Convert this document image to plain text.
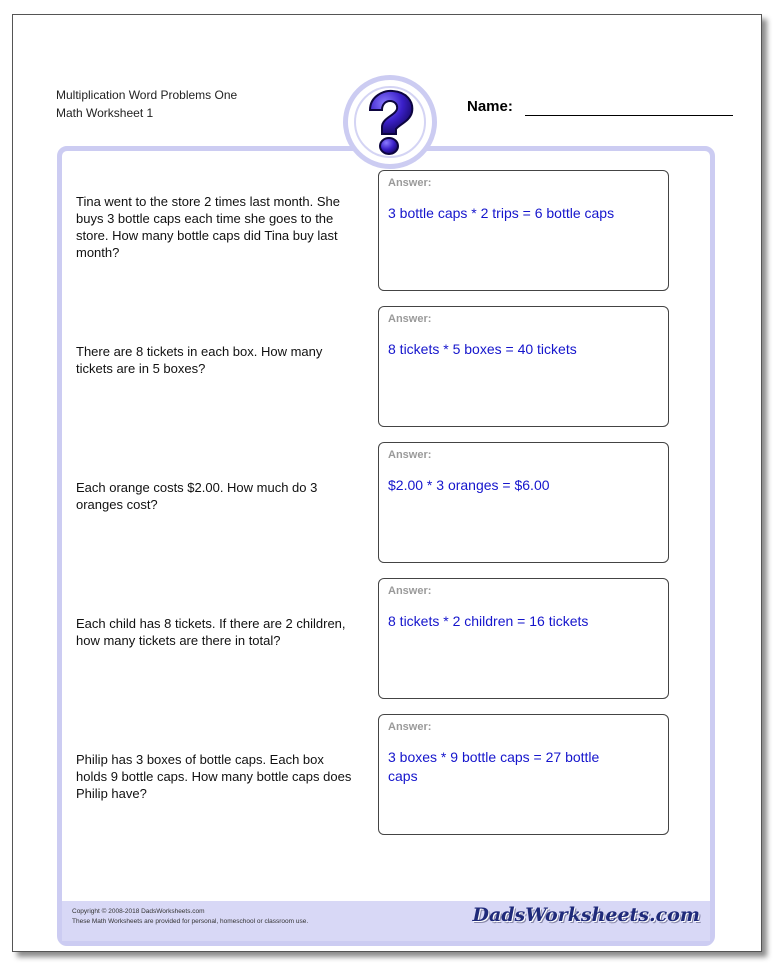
Multiplication Word Problems One
Math Worksheet 1	Name:
Copyright © 2008-2018 DadsWorksheets.com
These Math Worksheets are provided for personal, homeschool or classroom use.	DadsWorksheets.com
Tina went to the store 2 times last month. She buys 3 bottle caps each time she goes to the store. How many bottle caps did Tina buy last month?
Answer:
3 bottle caps * 2 trips = 6 bottle caps
There are 8 tickets in each box. How many tickets are in 5 boxes?
Answer:
8 tickets * 5 boxes = 40 tickets
Each orange costs $2.00. How much do 3 oranges cost?
Answer:
$2.00 * 3 oranges = $6.00
Each child has 8 tickets. If there are 2 children, how many tickets are there in total?
Answer:
8 tickets * 2 children = 16 tickets
Philip has 3 boxes of bottle caps. Each box holds 9 bottle caps. How many bottle caps does Philip have?
Answer:
3 boxes * 9 bottle caps = 27 bottle caps
